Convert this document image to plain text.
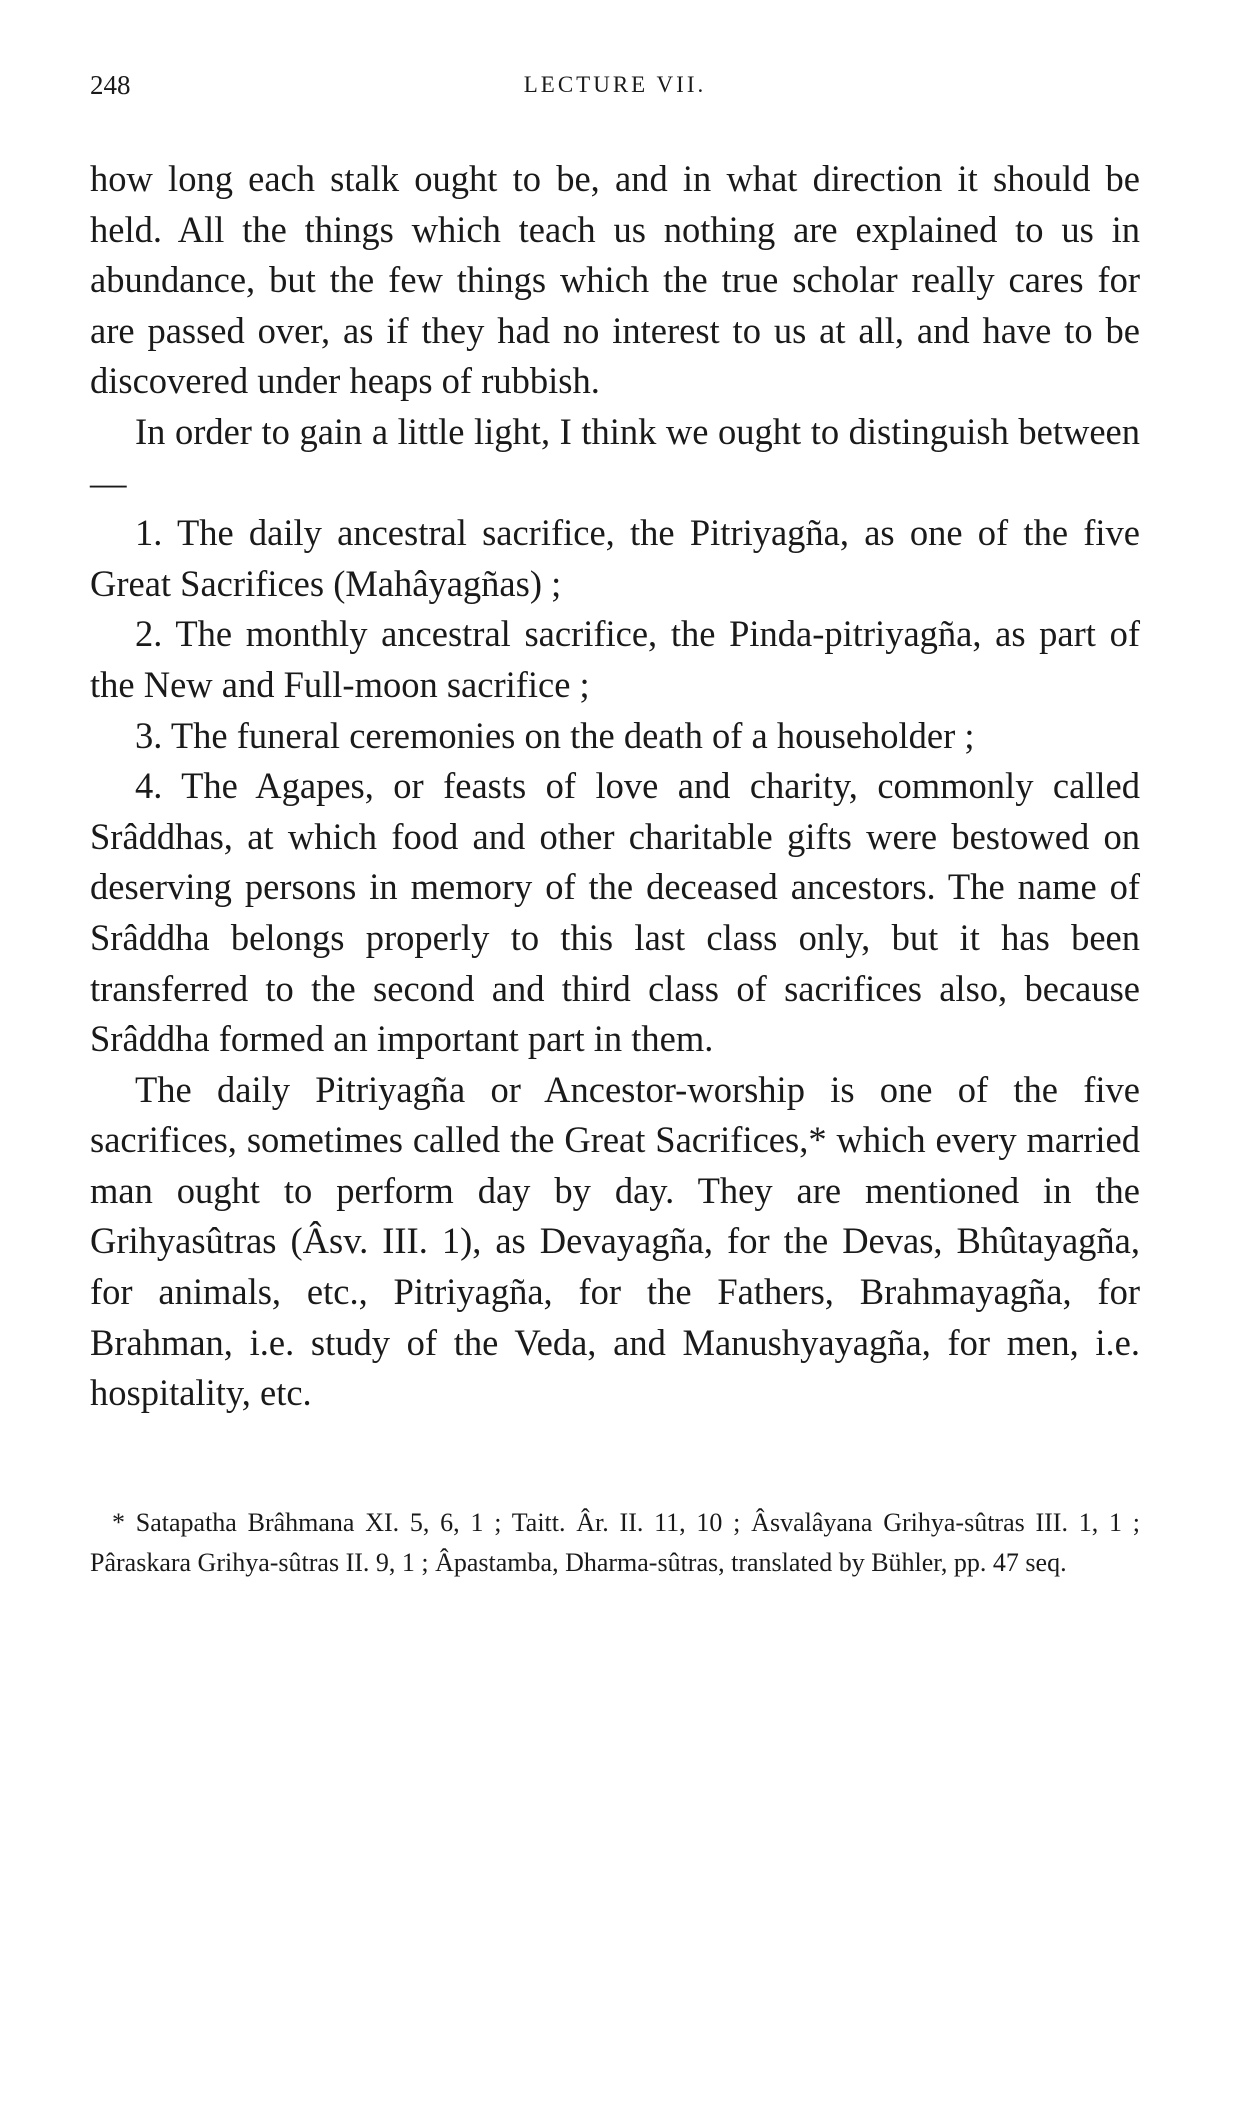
248	LECTURE VII.

how long each stalk ought to be, and in what direction it should be held. All the things which teach us nothing are explained to us in abundance, but the few things which the true scholar really cares for are passed over, as if they had no interest to us at all, and have to be discovered under heaps of rubbish.

In order to gain a little light, I think we ought to distinguish between—

1. The daily ancestral sacrifice, the Pitriyagña, as one of the five Great Sacrifices (Mahâyagñas) ;

2. The monthly ancestral sacrifice, the Pinda-pitriyagña, as part of the New and Full-moon sacrifice ;

3. The funeral ceremonies on the death of a householder ;

4. The Agapes, or feasts of love and charity, commonly called Srâddhas, at which food and other charitable gifts were bestowed on deserving persons in memory of the deceased ancestors. The name of Srâddha belongs properly to this last class only, but it has been transferred to the second and third class of sacrifices also, because Srâddha formed an important part in them.

The daily Pitriyagña or Ancestor-worship is one of the five sacrifices, sometimes called the Great Sacrifices,* which every married man ought to perform day by day. They are mentioned in the Grihyasûtras (Âsv. III. 1), as Devayagña, for the Devas, Bhûtayagña, for animals, etc., Pitriyagña, for the Fathers, Brahmayagña, for Brahman, i.e. study of the Veda, and Manushyayagña, for men, i.e. hospitality, etc.

* Satapatha Brâhmana XI. 5, 6, 1 ; Taitt. Âr. II. 11, 10 ; Âsvalâyana Grihya-sûtras III. 1, 1 ; Pâraskara Grihya-sûtras II. 9, 1 ; Âpastamba, Dharma-sûtras, translated by Bühler, pp. 47 seq.
